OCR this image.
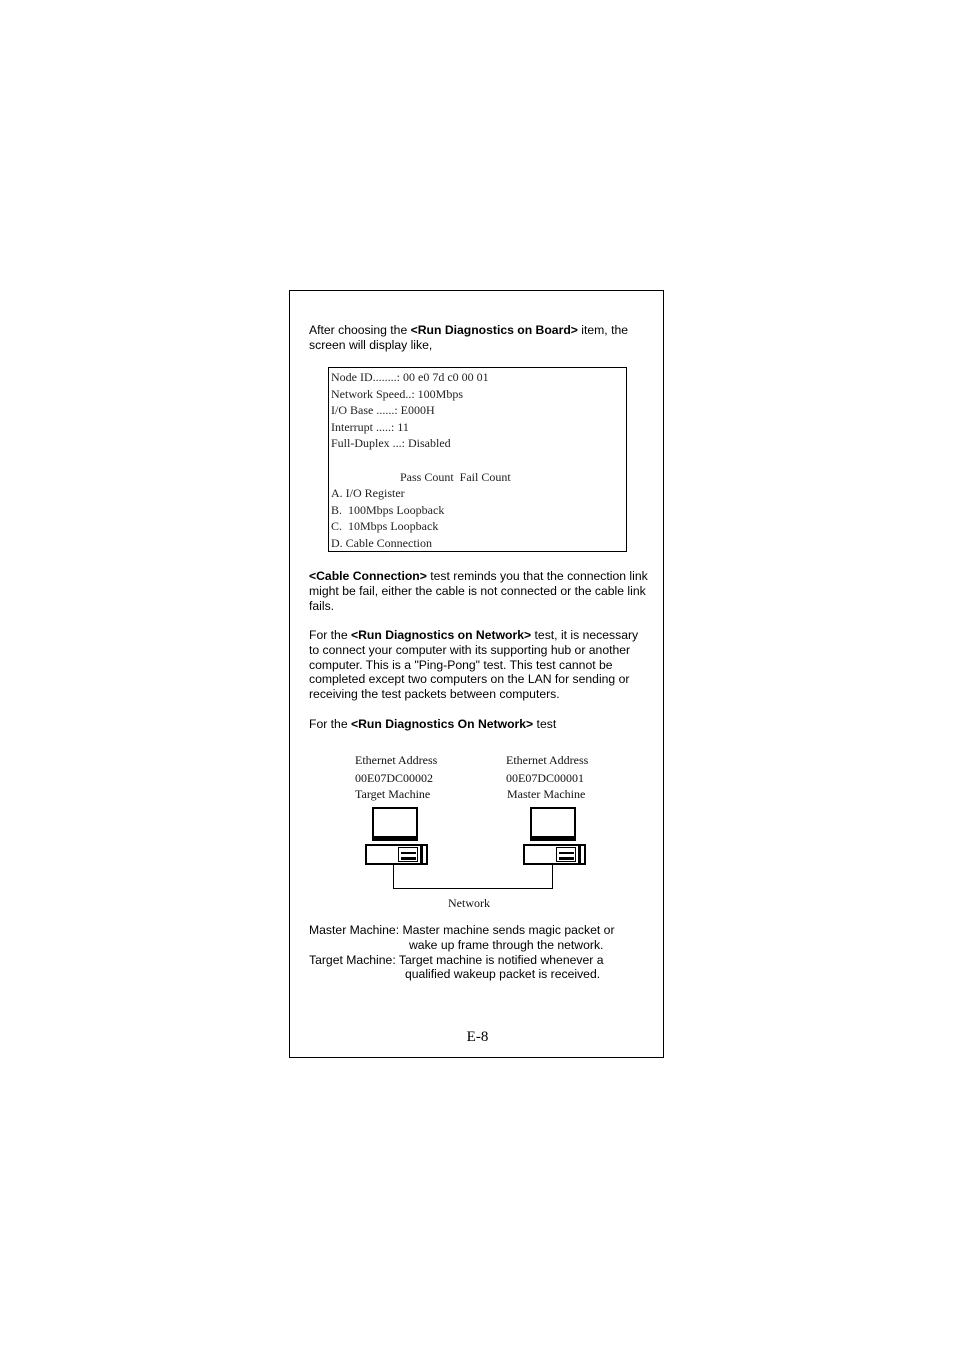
After choosing the <Run Diagnostics on Board> item, the screen will display like,
Node ID........: 00 e0 7d c0 00 01
Network Speed..: 100Mbps
I/O Base ......: E000H
Interrupt .....: 11
Full-Duplex ...: Disabled
Pass Count  Fail Count
A. I/O Register
B.  100Mbps Loopback
C.  10Mbps Loopback
D. Cable Connection
<Cable Connection> test reminds you that the connection link might be fail, either the cable is not connected or the cable link fails.
For the <Run Diagnostics on Network> test, it is necessary to connect your computer with its supporting hub or another computer. This is a "Ping-Pong" test. This test cannot be completed except two computers on the LAN for sending or receiving the test packets between computers.
For the <Run Diagnostics On Network> test
Ethernet Address
00E07DC00002
Target Machine
Ethernet Address
00E07DC00001
Master Machine
Network
Master Machine: Master machine sends magic packet or
wake up frame through the network.
Target Machine: Target machine is notified whenever a
qualified wakeup packet is received.
E-8
